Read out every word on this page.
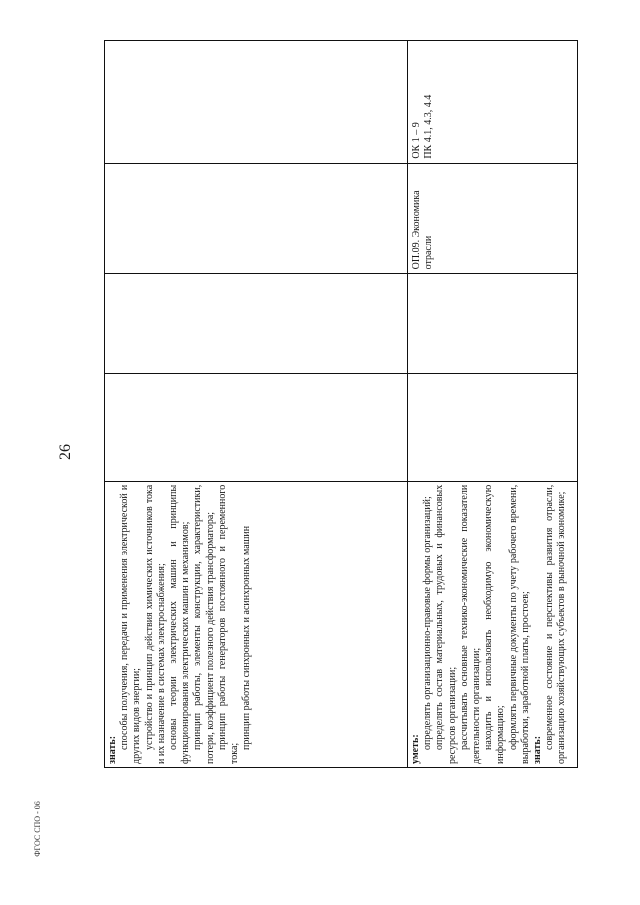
26
ФГОС СПО - 06
знать: способы получения, передачи и применения электрической и других видов энергии; устройство и принцип действия химических источников тока и их назначение в системах электроснабжения; основы теории электрических машин и принципы функционирования электрических машин и механизмов; принцип работы, элементы конструкции, характеристики, потери, коэффициент полезного действия трансформатора; принцип работы генераторов постоянного и переменного тока;
принцип работы синхронных и асинхронных машин	уметь: определять организационно-правовые формы организаций; определять состав материальных, трудовых и финансовых ресурсов организации; рассчитывать основные технико-экономические показатели деятельности организации; находить и использовать необходимую экономическую информацию; оформлять первичные документы по учету рабочего времени, выработки, заработной платы, простоев; знать: современное состояние и перспективы развития отрасли, организацию хозяйствующих субъектов в рыночной экономике;
ОП.09. Экономика отрасли
ОК 1 – 9 ПК 4.1, 4.3, 4.4
